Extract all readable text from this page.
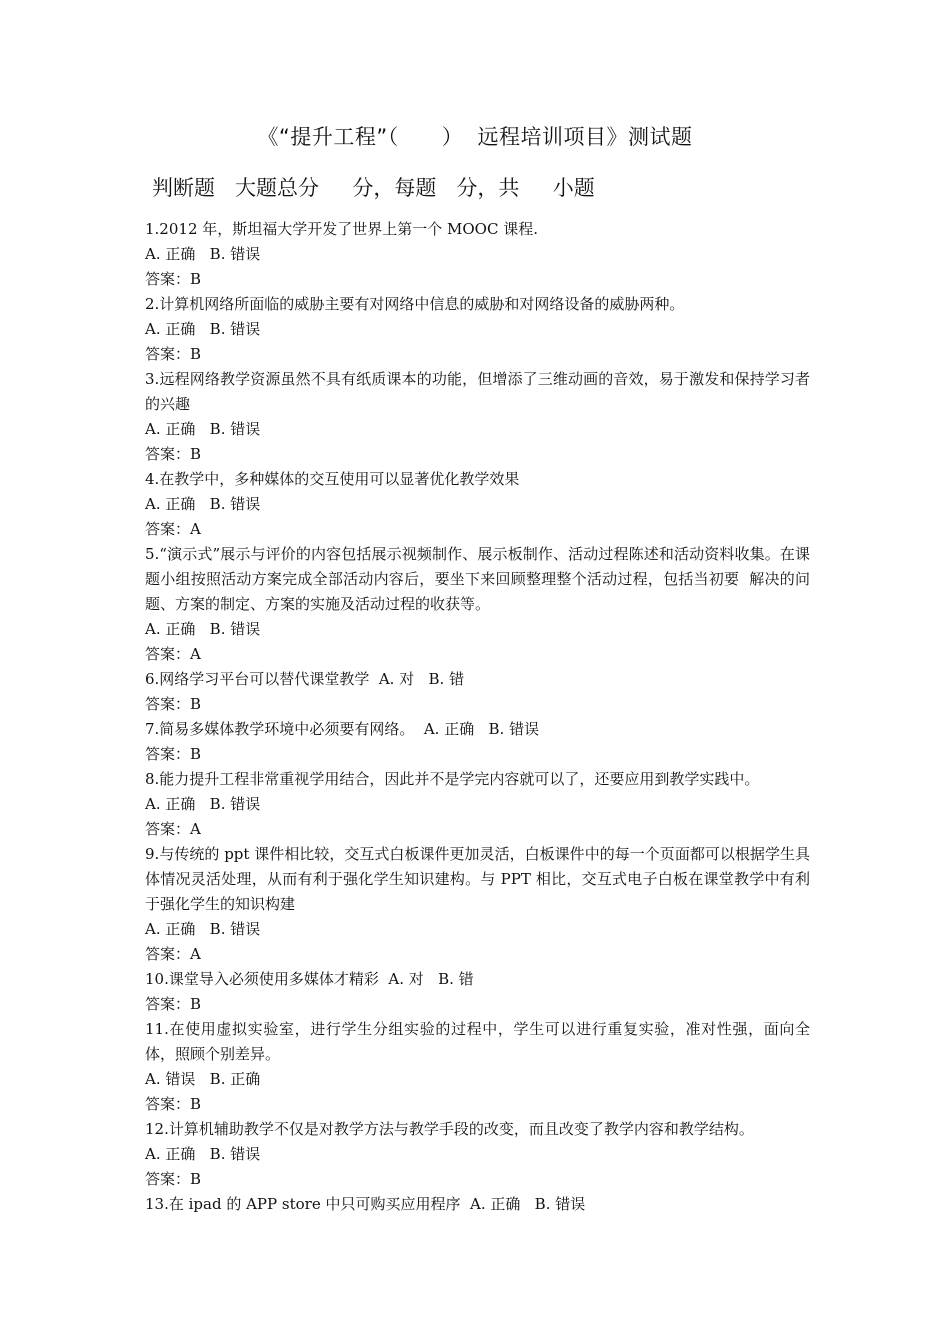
《“提升工程”（　　）  远程培训项目》测试题
判断题   大题总分     分，每题   分，共     小题
1.2012 年，斯坦福大学开发了世界上第一个 MOOC 课程.
A. 正确   B. 错误
答案：B
2.计算机网络所面临的威胁主要有对网络中信息的威胁和对网络设备的威胁两种。
A. 正确   B. 错误
答案：B
3.远程网络教学资源虽然不具有纸质课本的功能，但增添了三维动画的音效，易于激发和保持学习者的兴趣
A. 正确   B. 错误
答案：B
4.在教学中，多种媒体的交互使用可以显著优化教学效果
A. 正确   B. 错误
答案：A
5.“演示式”展示与评价的内容包括展示视频制作、展示板制作、活动过程陈述和活动资料收集。在课题小组按照活动方案完成全部活动内容后，要坐下来回顾整理整个活动过程，包括当初要  解决的问题、方案的制定、方案的实施及活动过程的收获等。
A. 正确   B. 错误
答案：A
6.网络学习平台可以替代课堂教学  A. 对   B. 错
答案：B
7.简易多媒体教学环境中必须要有网络。  A. 正确   B. 错误
答案：B
8.能力提升工程非常重视学用结合，因此并不是学完内容就可以了，还要应用到教学实践中。
A. 正确   B. 错误
答案：A
9.与传统的 ppt 课件相比较，交互式白板课件更加灵活，白板课件中的每一个页面都可以根据学生具体情况灵活处理，从而有利于强化学生知识建构。与 PPT 相比，交互式电子白板在课堂教学中有利于强化学生的知识构建
A. 正确   B. 错误
答案：A
10.课堂导入必须使用多媒体才精彩  A. 对   B. 错
答案：B
11.在使用虚拟实验室，进行学生分组实验的过程中，学生可以进行重复实验，准对性强，面向全体，照顾个别差异。
A. 错误   B. 正确
答案：B
12.计算机辅助教学不仅是对教学方法与教学手段的改变，而且改变了教学内容和教学结构。
A. 正确   B. 错误
答案：B
13.在 ipad 的 APP store 中只可购买应用程序  A. 正确   B. 错误
